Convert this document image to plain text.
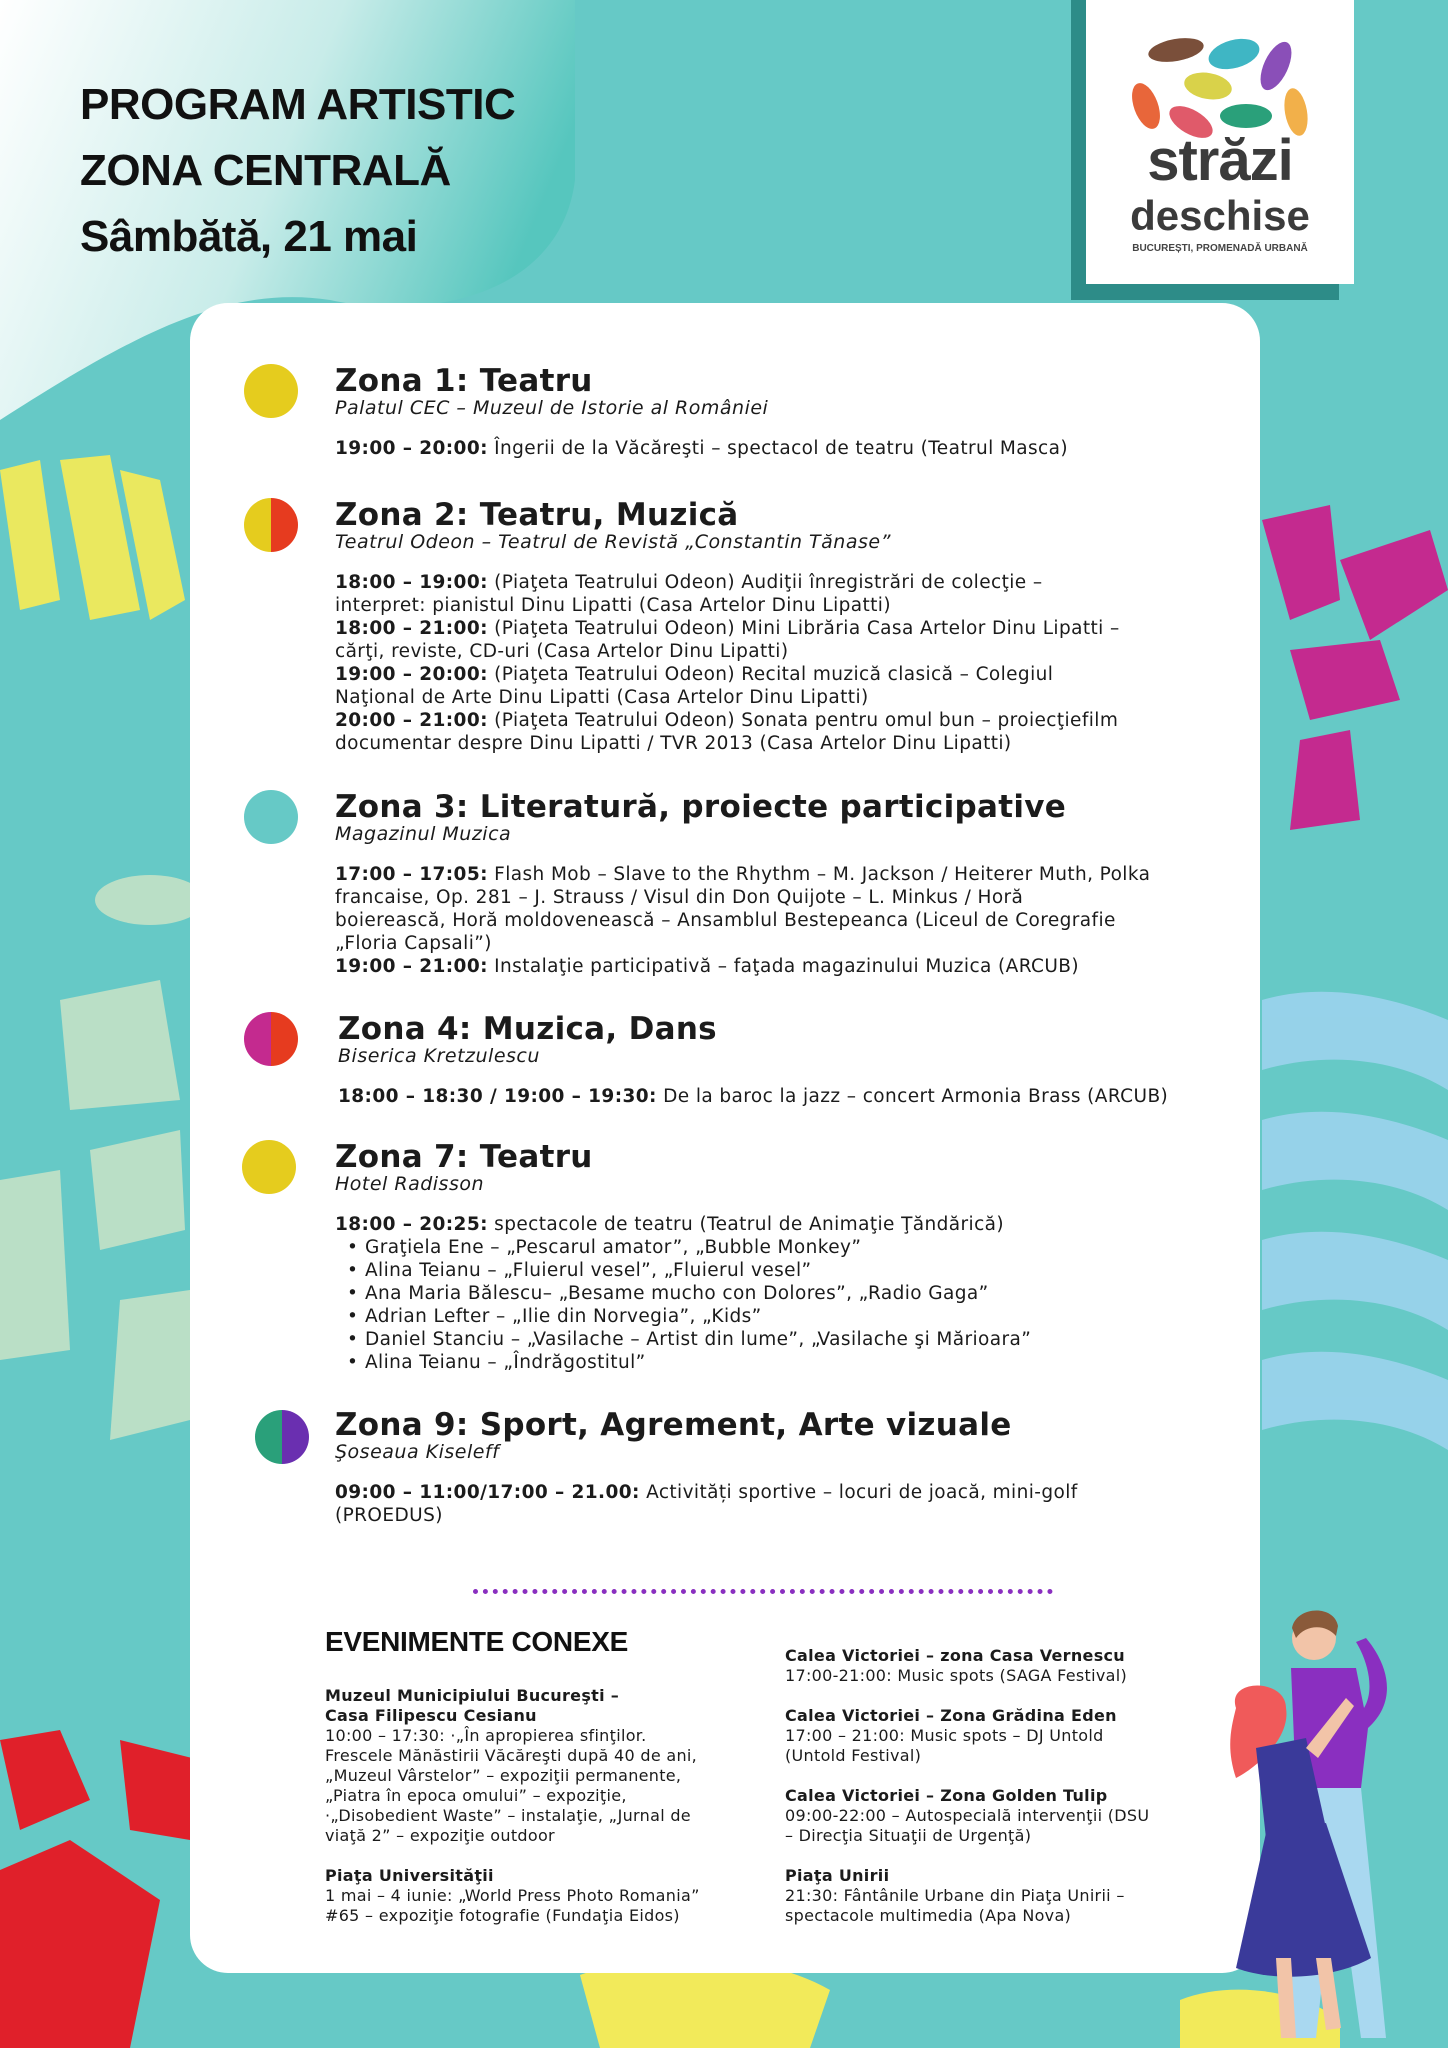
PROGRAM ARTISTIC
ZONA CENTRALĂ
Sâmbătă, 21 mai
străzi
deschise
BUCUREȘTI, PROMENADĂ URBANĂ
Zona 1: Teatru
Palatul CEC – Muzeul de Istorie al României

19:00 – 20:00: Îngerii de la Văcăreşti – spectacol de teatru (Teatrul Masca)

Zona 2: Teatru, Muzică
Teatrul Odeon – Teatrul de Revistă „Constantin Tănase”

18:00 – 19:00: (Piaţeta Teatrului Odeon) Audiţii înregistrări de colecţie –

interpret: pianistul Dinu Lipatti (Casa Artelor Dinu Lipatti)

18:00 – 21:00: (Piaţeta Teatrului Odeon) Mini Librăria Casa Artelor Dinu Lipatti –

cărţi, reviste, CD-uri (Casa Artelor Dinu Lipatti)

19:00 – 20:00: (Piaţeta Teatrului Odeon) Recital muzică clasică – Colegiul

Naţional de Arte Dinu Lipatti (Casa Artelor Dinu Lipatti)

20:00 – 21:00: (Piaţeta Teatrului Odeon) Sonata pentru omul bun – proiecţiefilm

documentar despre Dinu Lipatti / TVR 2013 (Casa Artelor Dinu Lipatti)

Zona 3: Literatură, proiecte participative
Magazinul Muzica

17:00 – 17:05: Flash Mob – Slave to the Rhythm – M. Jackson / Heiterer Muth, Polka

francaise, Op. 281 – J. Strauss / Visul din Don Quijote – L. Minkus / Horă

boierească, Horă moldovenească – Ansamblul Bestepeanca (Liceul de Coregrafie

„Floria Capsali”)

19:00 – 21:00: Instalaţie participativă – faţada magazinului Muzica (ARCUB)

Zona 4: Muzica, Dans
Biserica Kretzulescu

18:00 – 18:30 / 19:00 – 19:30: De la baroc la jazz – concert Armonia Brass (ARCUB)

Zona 7: Teatru
Hotel Radisson

18:00 – 20:25: spectacole de teatru (Teatrul de Animaţie Ţăndărică)

• Graţiela Ene – „Pescarul amator”, „Bubble Monkey”
• Alina Teianu – „Fluierul vesel”, „Fluierul vesel”
• Ana Maria Bălescu– „Besame mucho con Dolores”, „Radio Gaga”
• Adrian Lefter – „Ilie din Norvegia”, „Kids”
• Daniel Stanciu – „Vasilache – Artist din lume”, „Vasilache şi Mărioara”
• Alina Teianu – „Îndrăgostitul”
Zona 9: Sport, Agrement, Arte vizuale
Şoseaua Kiseleff

09:00 – 11:00/17:00 – 21.00: Activități sportive – locuri de joacă, mini-golf

(PROEDUS)

EVENIMENTE CONEXE
Muzeul Municipiului Bucureşti –
Casa Filipescu Cesianu
10:00 – 17:30: ·„În apropierea sfinţilor.
Frescele Mănăstirii Văcăreşti după 40 de ani,
„Muzeul Vârstelor” – expoziţii permanente,
„Piatra în epoca omului” – expoziţie,
·„Disobedient Waste” – instalaţie, „Jurnal de
viaţă 2” – expoziţie outdoor
Piaţa Universităţii
1 mai – 4 iunie: „World Press Photo Romania”
#65 – expoziţie fotografie (Fundaţia Eidos)
Calea Victoriei – zona Casa Vernescu
17:00-21:00: Music spots (SAGA Festival)
Calea Victoriei – Zona Grădina Eden
17:00 – 21:00: Music spots – DJ Untold
(Untold Festival)
Calea Victoriei – Zona Golden Tulip
09:00-22:00 – Autospecială intervenţii (DSU
– Direcţia Situaţii de Urgenţă)
Piaţa Unirii
21:30: Fântânile Urbane din Piaţa Unirii –
spectacole multimedia (Apa Nova)
